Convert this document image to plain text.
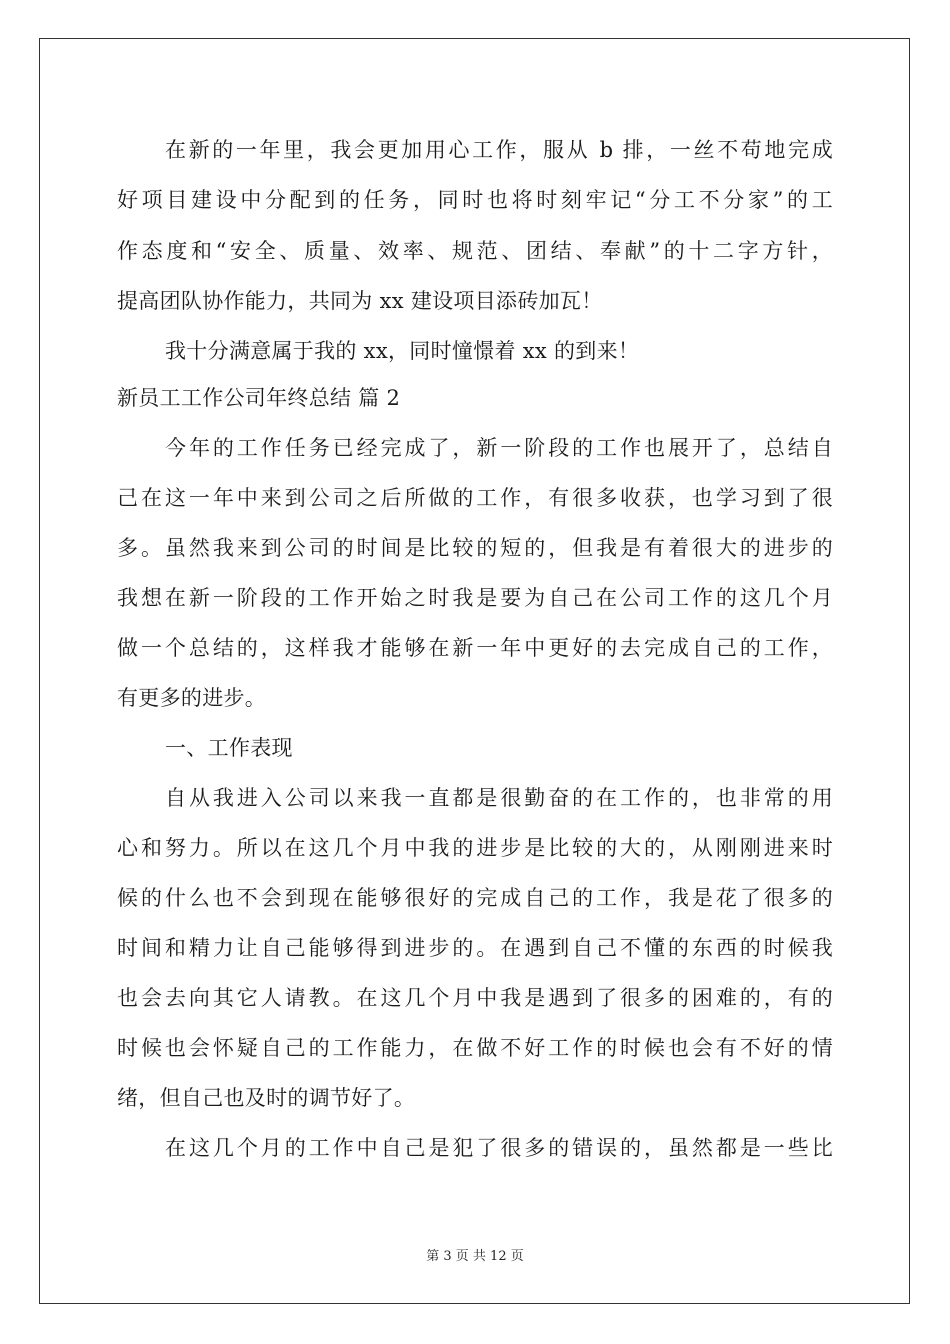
在新的一年里，我会更加用心工作，服从 b 排，一丝不苟地完成
好项目建设中分配到的任务，同时也将时刻牢记“分工不分家”的工
作态度和“安全、质量、效率、规范、团结、奉献”的十二字方针，
提高团队协作能力，共同为 xx 建设项目添砖加瓦！
我十分满意属于我的 xx，同时憧憬着 xx 的到来！
新员工工作公司年终总结 篇 2
今年的工作任务已经完成了，新一阶段的工作也展开了，总结自
己在这一年中来到公司之后所做的工作，有很多收获，也学习到了很
多。虽然我来到公司的时间是比较的短的，但我是有着很大的进步的
我想在新一阶段的工作开始之时我是要为自己在公司工作的这几个月
做一个总结的，这样我才能够在新一年中更好的去完成自己的工作，
有更多的进步。
一、工作表现
自从我进入公司以来我一直都是很勤奋的在工作的，也非常的用
心和努力。所以在这几个月中我的进步是比较的大的，从刚刚进来时
候的什么也不会到现在能够很好的完成自己的工作，我是花了很多的
时间和精力让自己能够得到进步的。在遇到自己不懂的东西的时候我
也会去向其它人请教。在这几个月中我是遇到了很多的困难的，有的
时候也会怀疑自己的工作能力，在做不好工作的时候也会有不好的情
绪，但自己也及时的调节好了。
在这几个月的工作中自己是犯了很多的错误的，虽然都是一些比
第 3 页 共 12 页
